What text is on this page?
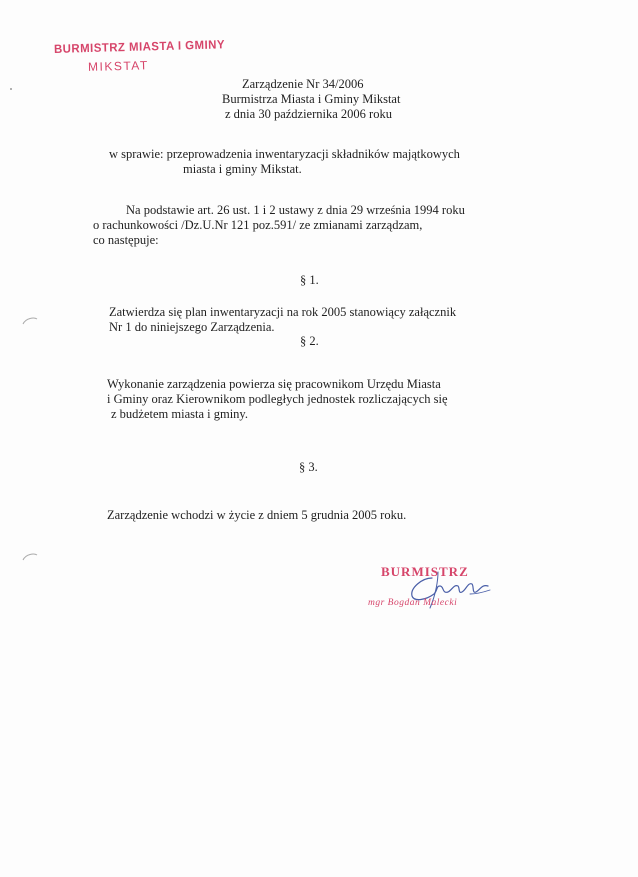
BURMISTRZ MIASTA I GMINY
MIKSTAT
Zarządzenie Nr 34/2006
Burmistrza Miasta i Gminy Mikstat
z dnia 30 października 2006 roku
w sprawie: przeprowadzenia inwentaryzacji składników majątkowych
miasta i gminy Mikstat.
Na podstawie art. 26 ust. 1 i 2 ustawy z dnia 29 września 1994 roku
o rachunkowości /Dz.U.Nr 121 poz.591/ ze zmianami zarządzam,
co następuje:
§ 1.
Zatwierdza się plan inwentaryzacji na rok 2005 stanowiący załącznik
Nr 1 do niniejszego Zarządzenia.
§ 2.
Wykonanie zarządzenia powierza się pracownikom Urzędu Miasta
i Gminy oraz Kierownikom podległych jednostek rozliczających się
z budżetem miasta i gminy.
§ 3.
Zarządzenie wchodzi w życie z dniem 5 grudnia 2005 roku.
BURMISTRZ
mgr Bogdan Malecki
